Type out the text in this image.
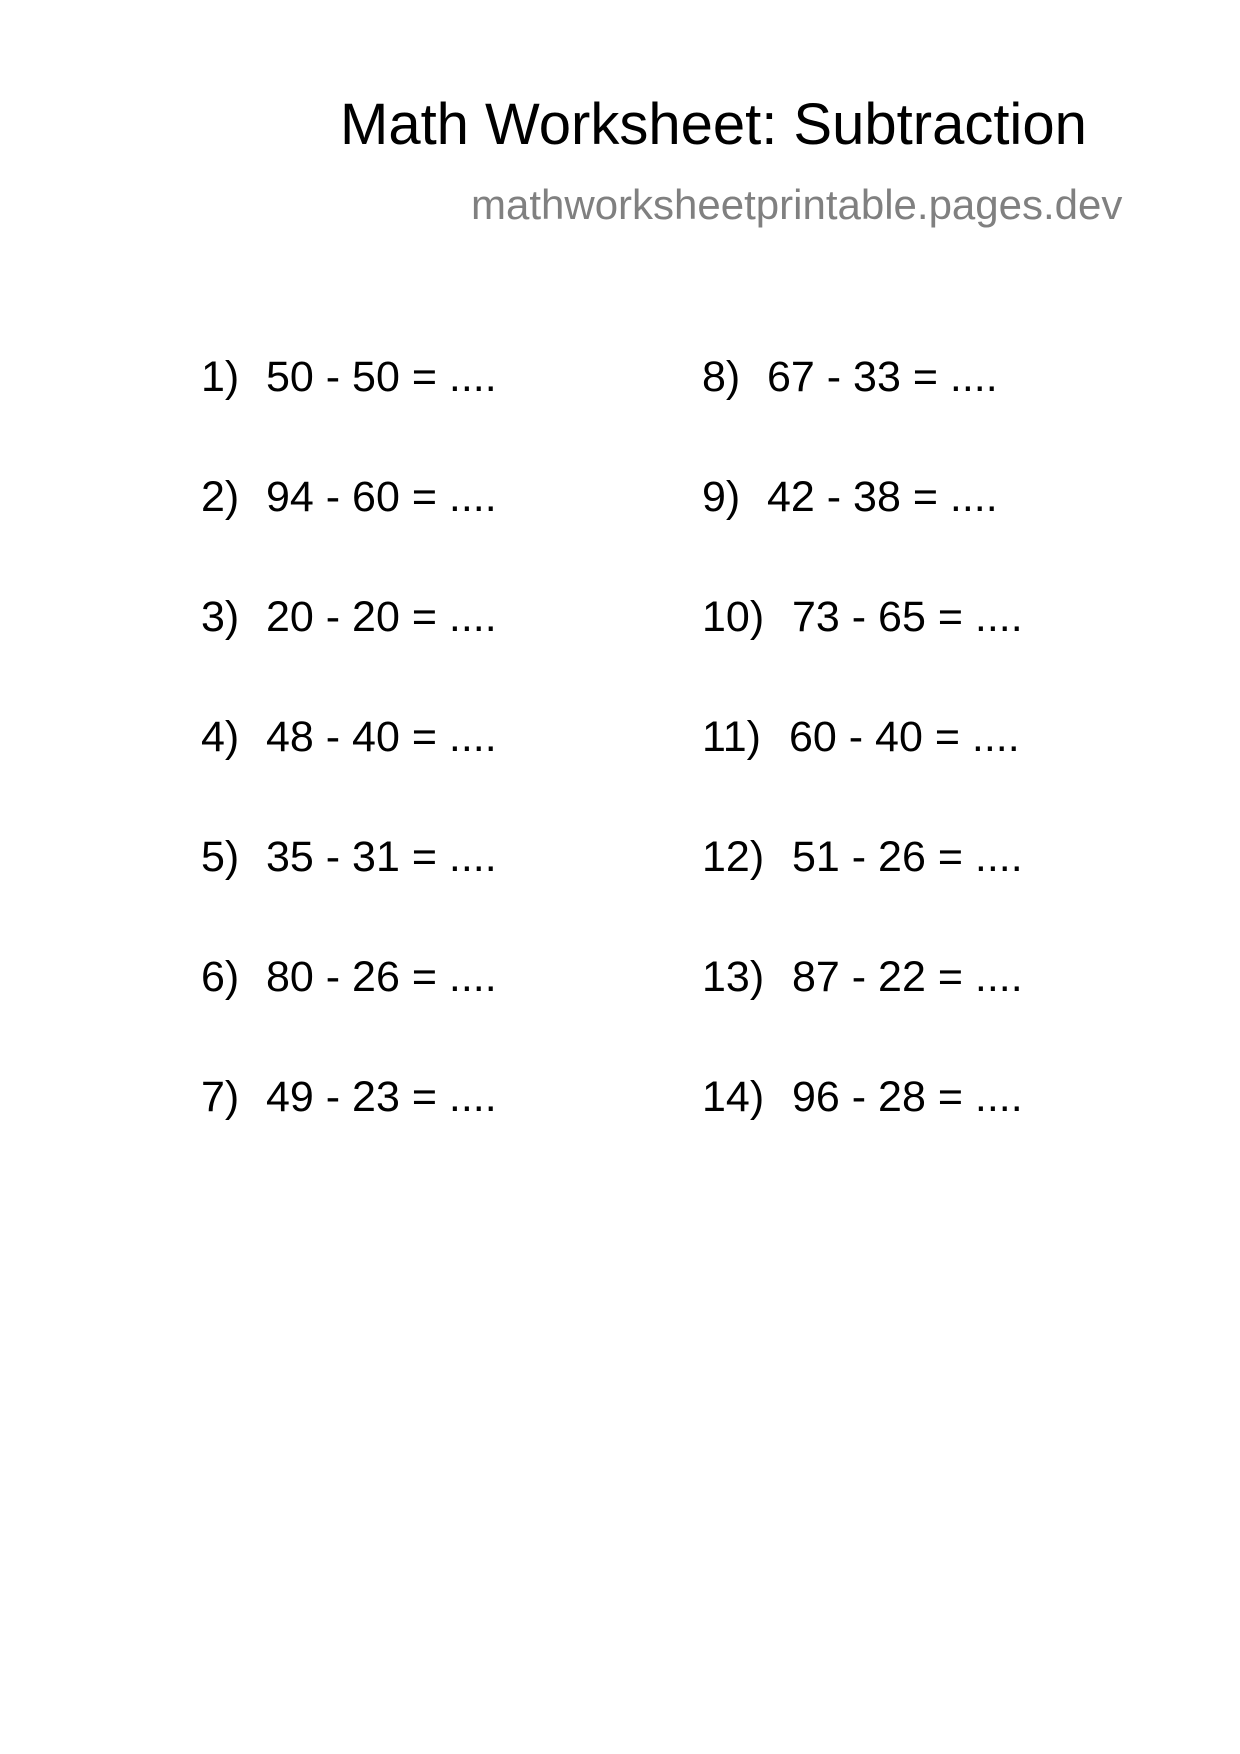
Math Worksheet: Subtraction
mathworksheetprintable.pages.dev
1) 50 - 50 = ....
2) 94 - 60 = ....
3) 20 - 20 = ....
4) 48 - 40 = ....
5) 35 - 31 = ....
6) 80 - 26 = ....
7) 49 - 23 = ....
8) 67 - 33 = ....
9) 42 - 38 = ....
10) 73 - 65 = ....
11) 60 - 40 = ....
12) 51 - 26 = ....
13) 87 - 22 = ....
14) 96 - 28 = ....
